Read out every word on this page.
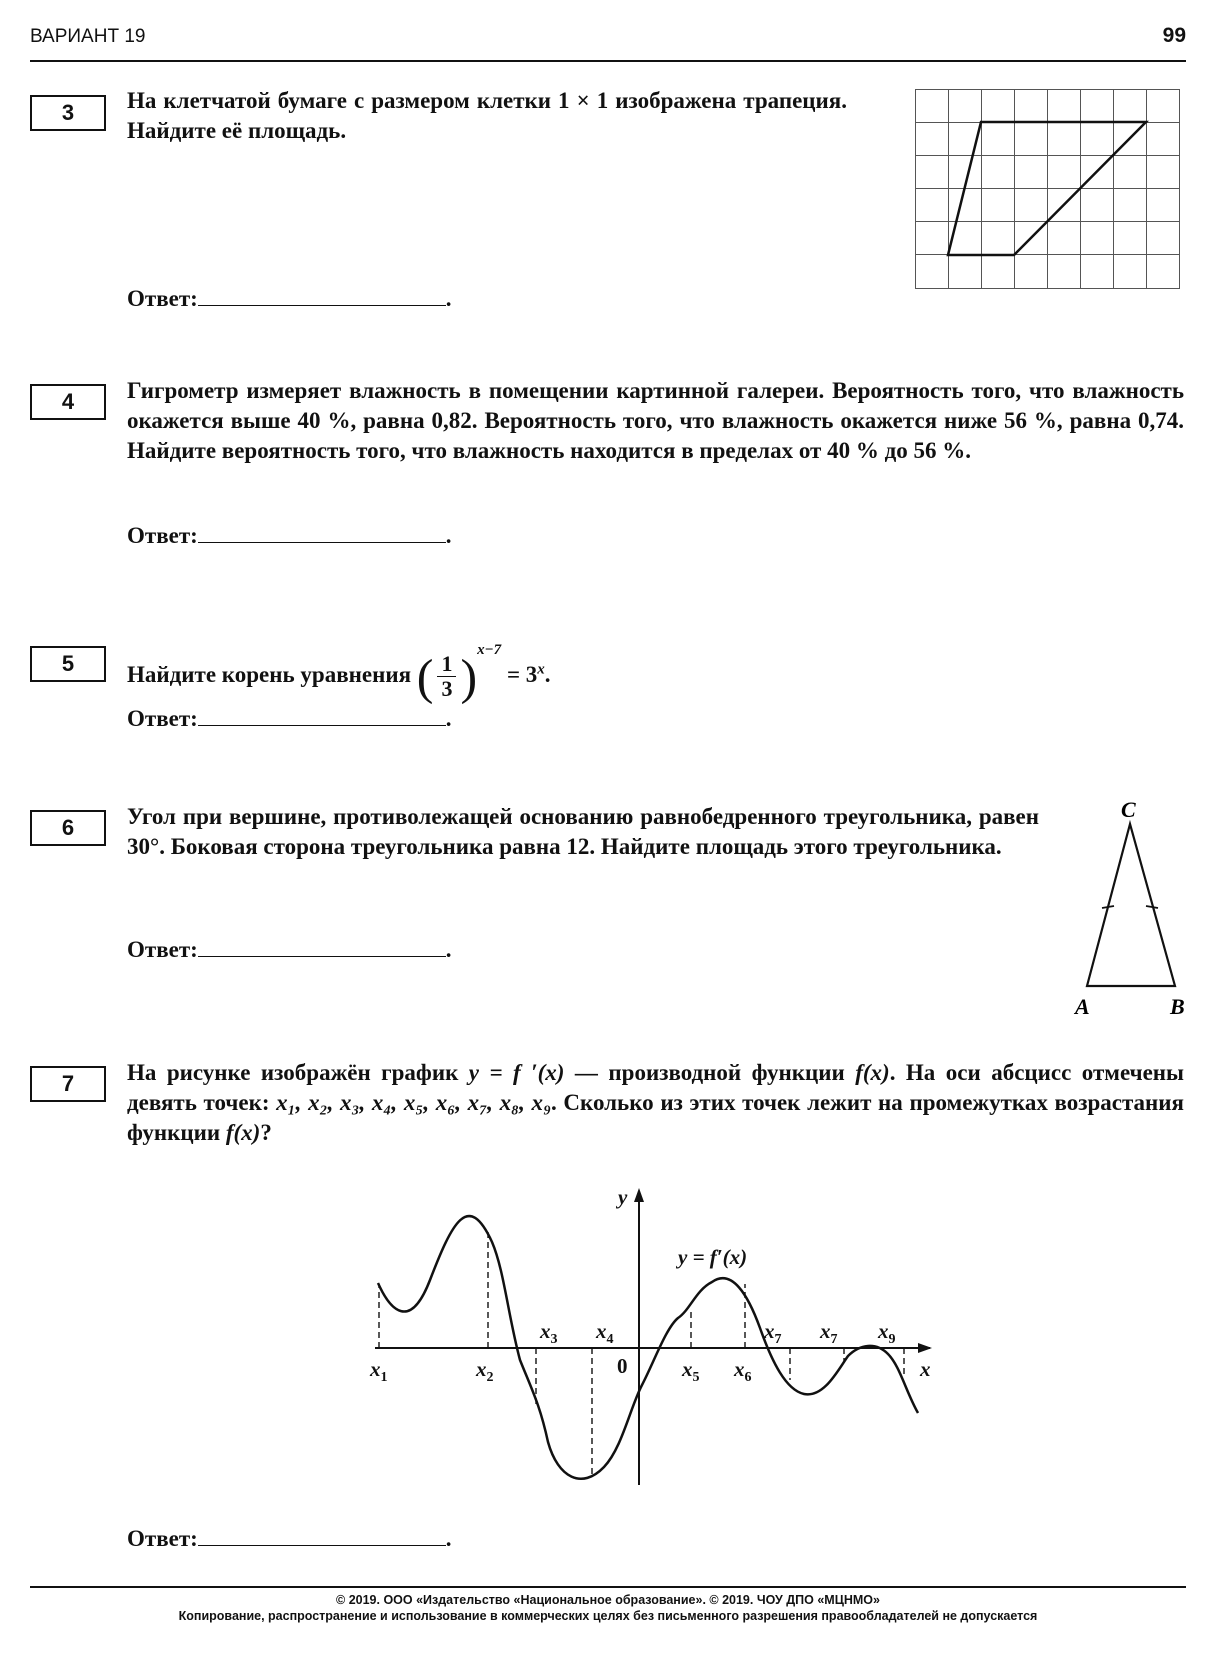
ВАРИАНТ 19	99
3	На клетчатой бумаге с размером клетки 1 × 1 изображена трапеция. Найдите её площадь.
Ответ:	.
4	Гигрометр измеряет влажность в помещении картинной галереи. Вероятность того, что влажность окажется выше 40 %, равна 0,82. Вероятность того, что влажность окажется ниже 56 %, равна 0,74. Найдите вероятность того, что влажность находится в пределах от 40 % до 56 %.
Ответ:	.
5	Найдите корень уравнения ( $\frac{1}{3} )^{x-7} = 3^x$.
Ответ:	.
6	Угол при вершине, противолежащей основанию равнобедренного треугольника, равен 30°. Боковая сторона треугольника равна 12. Найдите площадь этого треугольника.
C
A	B
Ответ:	.
7	На рисунке изображён график y = f ′(x) — производной функции f(x). На оси абсцисс отмечены девять точек: x₁, x₂, x₃, x₄, x₅, x₆, x₇, x₈, x₉. Сколько из этих точек лежит на промежутках возрастания функции f(x)?
$x_1$	$x_2$
$x_3$ $x_4$
$x_5$ $x_6$
$x_7$ $x_7$ $x_9$
x
y
y = f′(x)
0
Ответ:	.
© 2019. ООО «Издательство «Национальное образование». © 2019. ЧОУ ДПО «МЦНМО»
Копирование, распространение и использование в коммерческих целях без письменного разрешения правообладателей не допускается
